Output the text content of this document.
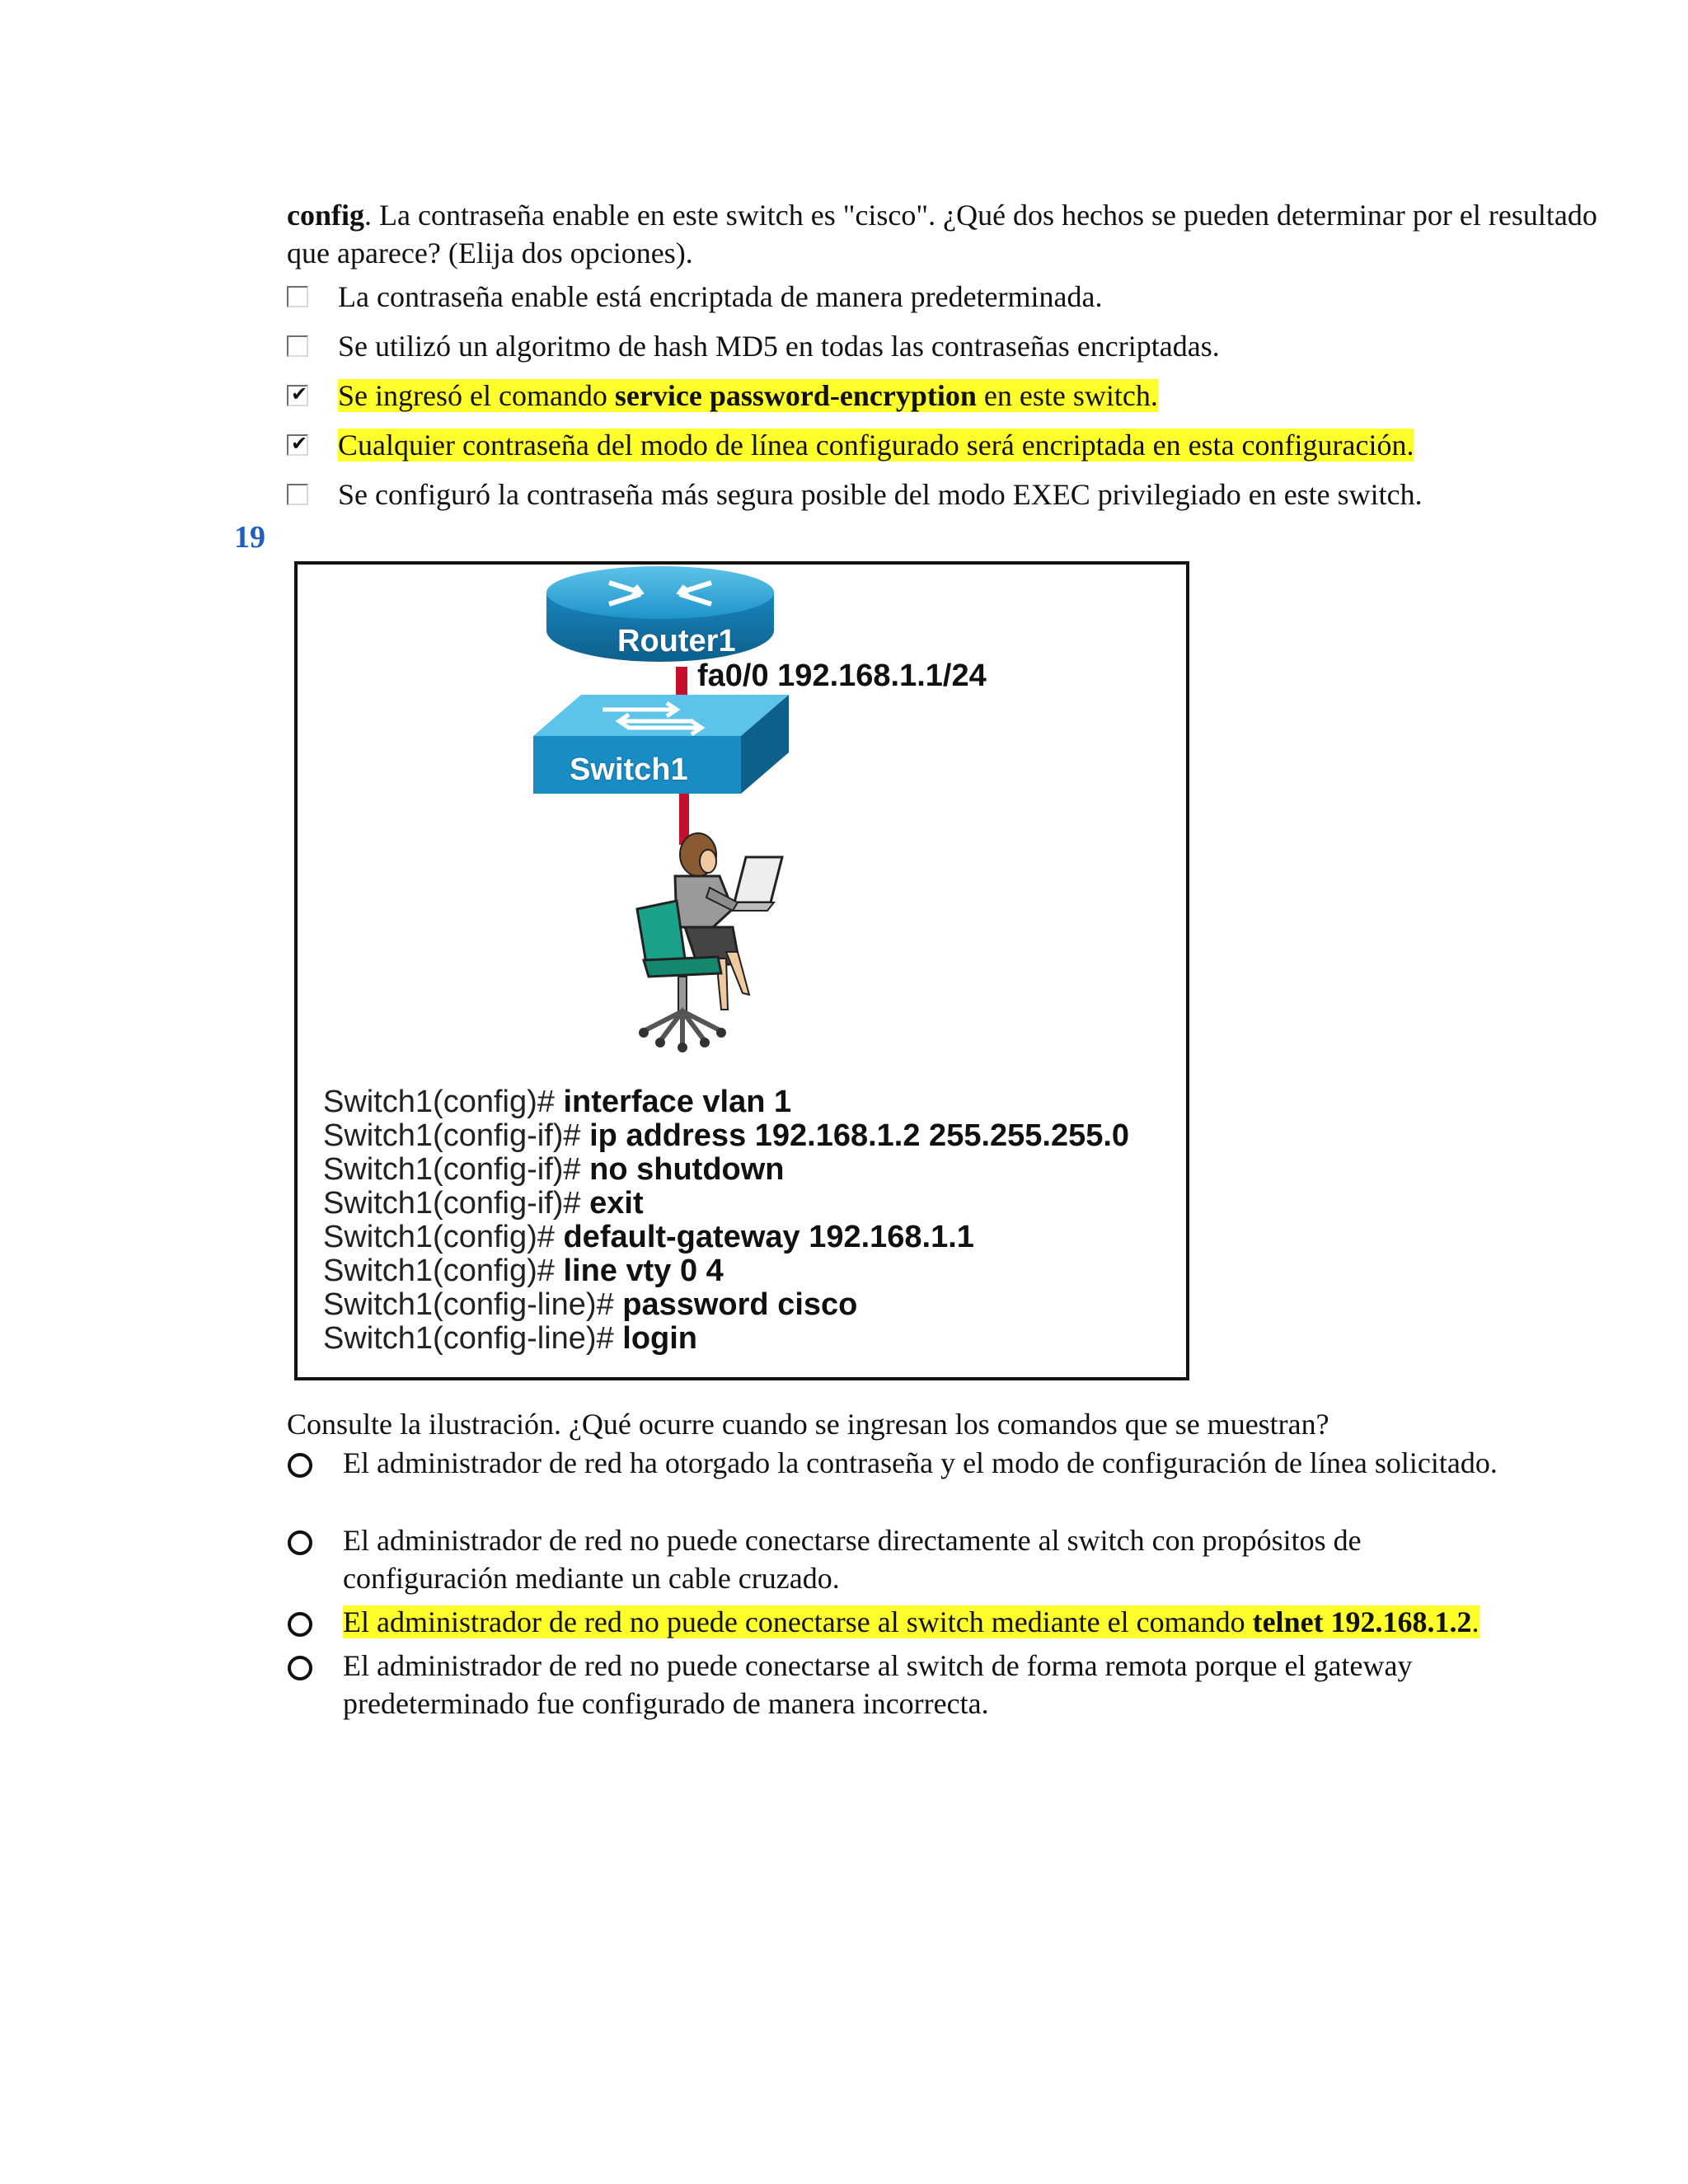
config. La contraseña enable en este switch es "cisco". ¿Qué dos hechos se pueden determinar por el resultado que aparece? (Elija dos opciones).
La contraseña enable está encriptada de manera predeterminada.
Se utilizó un algoritmo de hash MD5 en todas las contraseñas encriptadas.
✔ Se ingresó el comando service password-encryption en este switch.
✔ Cualquier contraseña del modo de línea configurado será encriptada en esta configuración.
Se configuró la contraseña más segura posible del modo EXEC privilegiado en este switch.
19
Router1
fa0/0 192.168.1.1/24
Switch1
Switch1(config)# interface vlan 1
Switch1(config-if)# ip address 192.168.1.2 255.255.255.0
Switch1(config-if)# no shutdown
Switch1(config-if)# exit
Switch1(config)# default-gateway 192.168.1.1
Switch1(config)# line vty 0 4
Switch1(config-line)# password cisco
Switch1(config-line)# login
Consulte la ilustración. ¿Qué ocurre cuando se ingresan los comandos que se muestran?
El administrador de red ha otorgado la contraseña y el modo de configuración de línea solicitado.
El administrador de red no puede conectarse directamente al switch con propósitos de configuración mediante un cable cruzado.
El administrador de red no puede conectarse al switch mediante el comando telnet 192.168.1.2.
El administrador de red no puede conectarse al switch de forma remota porque el gateway predeterminado fue configurado de manera incorrecta.
